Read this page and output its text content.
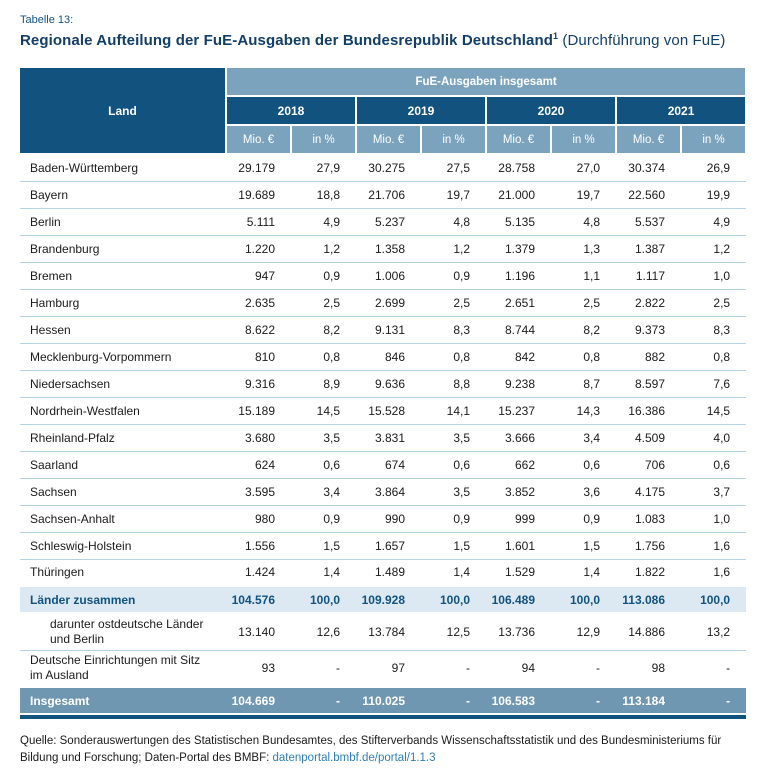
Tabelle 13:
Regionale Aufteilung der FuE-Ausgaben der Bundesrepublik Deutschland$^1$ (Durchführung von FuE)
Land	FuE-Ausgaben insgesamt							
	2018		2019		2020		2021	
	Mio. €	in %	Mio. €	in %	Mio. €	in %	Mio. €	in %
Baden-Württemberg	29.179	27,9	30.275	27,5	28.758	27,0	30.374	26,9
Bayern	19.689	18,8	21.706	19,7	21.000	19,7	22.560	19,9
Berlin	5.111	4,9	5.237	4,8	5.135	4,8	5.537	4,9
Brandenburg	1.220	1,2	1.358	1,2	1.379	1,3	1.387	1,2
Bremen	947	0,9	1.006	0,9	1.196	1,1	1.117	1,0
Hamburg	2.635	2,5	2.699	2,5	2.651	2,5	2.822	2,5
Hessen	8.622	8,2	9.131	8,3	8.744	8,2	9.373	8,3
Mecklenburg-Vorpommern	810	0,8	846	0,8	842	0,8	882	0,8
Niedersachsen	9.316	8,9	9.636	8,8	9.238	8,7	8.597	7,6
Nordrhein-Westfalen	15.189	14,5	15.528	14,1	15.237	14,3	16.386	14,5
Rheinland-Pfalz	3.680	3,5	3.831	3,5	3.666	3,4	4.509	4,0
Saarland	624	0,6	674	0,6	662	0,6	706	0,6
Sachsen	3.595	3,4	3.864	3,5	3.852	3,6	4.175	3,7
Sachsen-Anhalt	980	0,9	990	0,9	999	0,9	1.083	1,0
Schleswig-Holstein	1.556	1,5	1.657	1,5	1.601	1,5	1.756	1,6
Thüringen	1.424	1,4	1.489	1,4	1.529	1,4	1.822	1,6
Länder zusammen	104.576	100,0	109.928	100,0	106.489	100,0	113.086	100,0
darunter ostdeutsche Länder und Berlin	13.140	12,6	13.784	12,5	13.736	12,9	14.886	13,2
Deutsche Einrichtungen mit Sitz im Ausland	93	-	97	-	94	-	98	-
Insgesamt	104.669	-	110.025	-	106.583	-	113.184	-

Quelle: Sonderauswertungen des Statistischen Bundesamtes, des Stifterverbands Wissenschaftsstatistik und des Bundesministeriums für Bildung und Forschung; Daten-Portal des BMBF: datenportal.bmbf.de/portal/1.1.3
